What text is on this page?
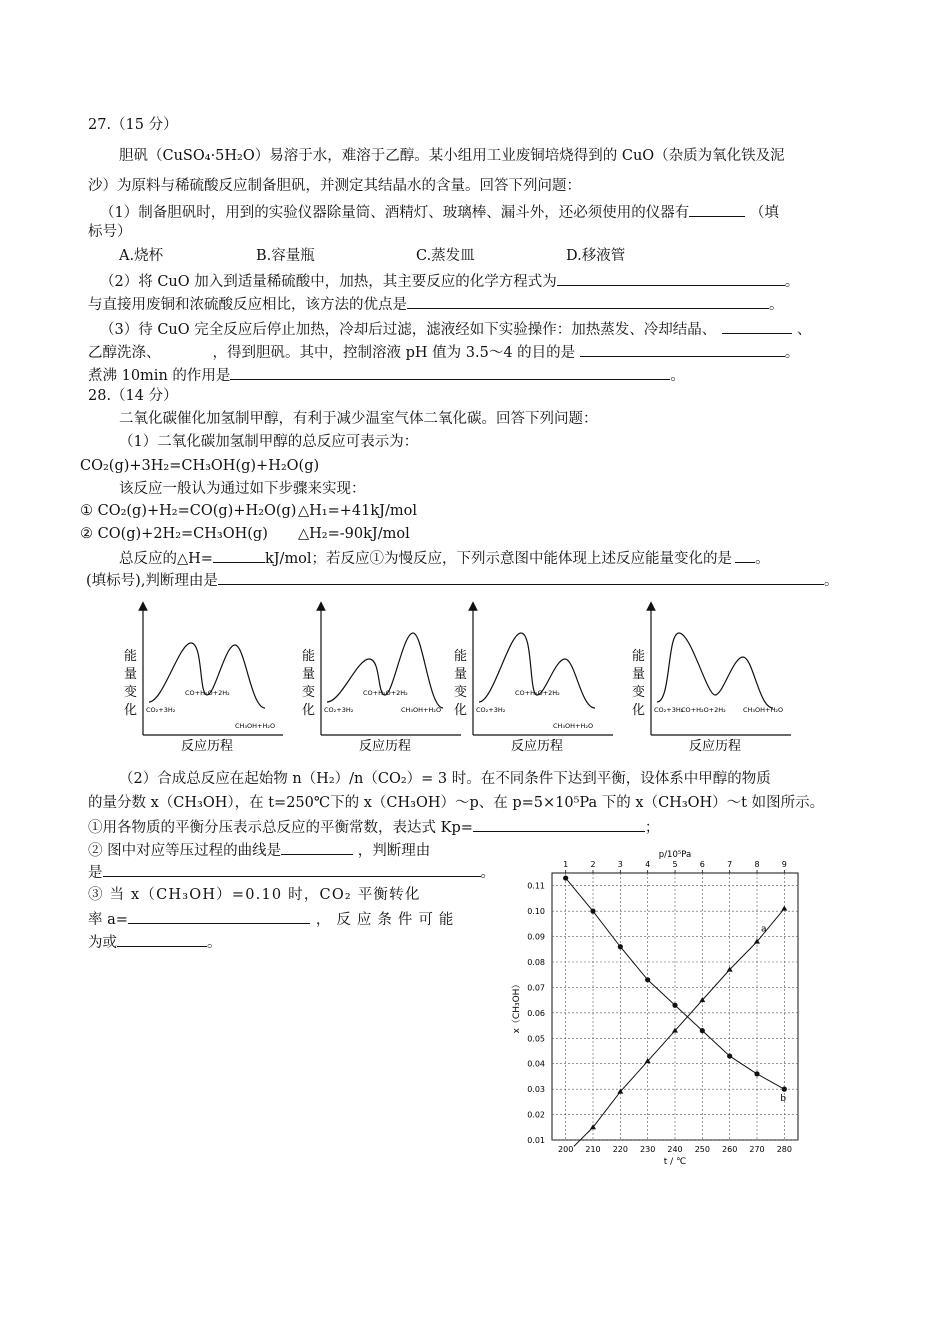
27.（15 分）
胆矾（CuSO₄·5H₂O）易溶于水，难溶于乙醇。某小组用工业废铜培烧得到的 CuO（杂质为氧化铁及泥
沙）为原料与稀硫酸反应制备胆矾，并测定其结晶水的含量。回答下列问题：
（1）制备胆矾时，用到的实验仪器除量筒、酒精灯、玻璃棒、漏斗外，还必须使用的仪器有	（填
标号）
A.烧杯	B.容量瓶	C.蒸发皿	D.移液管
（2）将 CuO 加入到适量稀硫酸中，加热，其主要反应的化学方程式为	。
与直接用废铜和浓硫酸反应相比，该方法的优点是	。
（3）待 CuO 完全反应后停止加热，冷却后过滤，滤液经如下实验操作：加热蒸发、冷却结晶、	、
乙醇洗涤、	，得到胆矾。其中，控制溶液 pH 值为 3.5～4 的目的是	。
煮沸 10min 的作用是	。
28.（14 分）
二氧化碳催化加氢制甲醇，有利于减少温室气体二氧化碳。回答下列问题：
（1）二氧化碳加氢制甲醇的总反应可表示为：
CO₂(g)+3H₂=CH₃OH(g)+H₂O(g)
该反应一般认为通过如下步骤来实现：
① CO₂(g)+H₂=CO(g)+H₂O(g) △H₁=+41kJ/mol
② CO(g)+2H₂=CH₃OH(g) △H₂=-90kJ/mol
总反应的△H=	kJ/mol；若反应①为慢反应，下列示意图中能体现上述反应能量变化的是 。
(填标号),判断理由是	。
能
量
变
化
反应历程
CO₂+3H₂
CO+H₂O+2H₂
CH₃OH+H₂O
能
量
变
化
反应历程
CO₂+3H₂
CO+H₂O+2H₂
CH₃OH+H₂O
能
量
变
化
反应历程
CO₂+3H₂
CO+H₂O+2H₂
CH₃OH+H₂O
能
量
变
化
反应历程
CO₂+3H₂
CO+H₂O+2H₂	CH₃OH+H₂O
（2）合成总反应在起始物 n（H₂）/n（CO₂）= 3 时。在不同条件下达到平衡，设体系中甲醇的物质
的量分数 x（CH₃OH），在 t=250℃下的 x（CH₃OH）～p、在 p=5×10⁵Pa 下的 x（CH₃OH）～t 如图所示。
①用各物质的平衡分压表示总反应的平衡常数，表达式 Kp=	；
② 图中对应等压过程的曲线是	，判断理由
是	。
③ 当 x（CH₃OH）=0.10 时，CO₂ 平衡转化
率 a=	，反应条件可能
为或	。
200 210 220 230 240 250 260 270 280
1	2	3	4	5	6	7	8	9
0.01
0.02
0.03
0.04
0.05
0.06
0.07
0.08
0.09
0.10
0.11
p/10⁵Pa
t / ℃
x（CH₃OH）
a
b
